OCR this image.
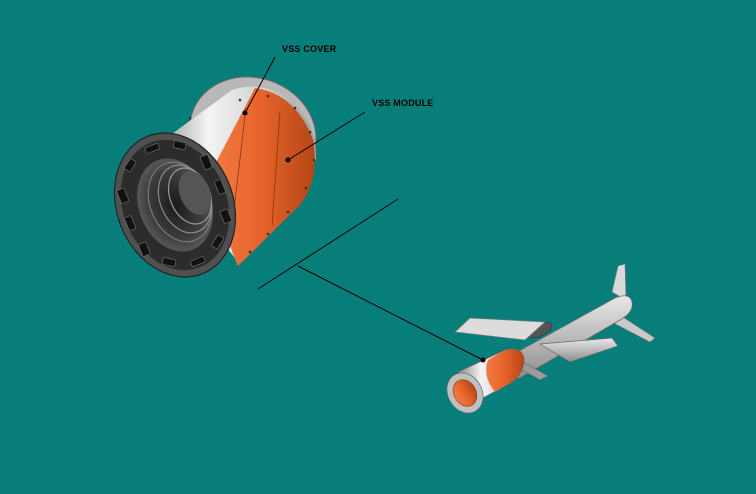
VSS COVER
VSS MODULE
